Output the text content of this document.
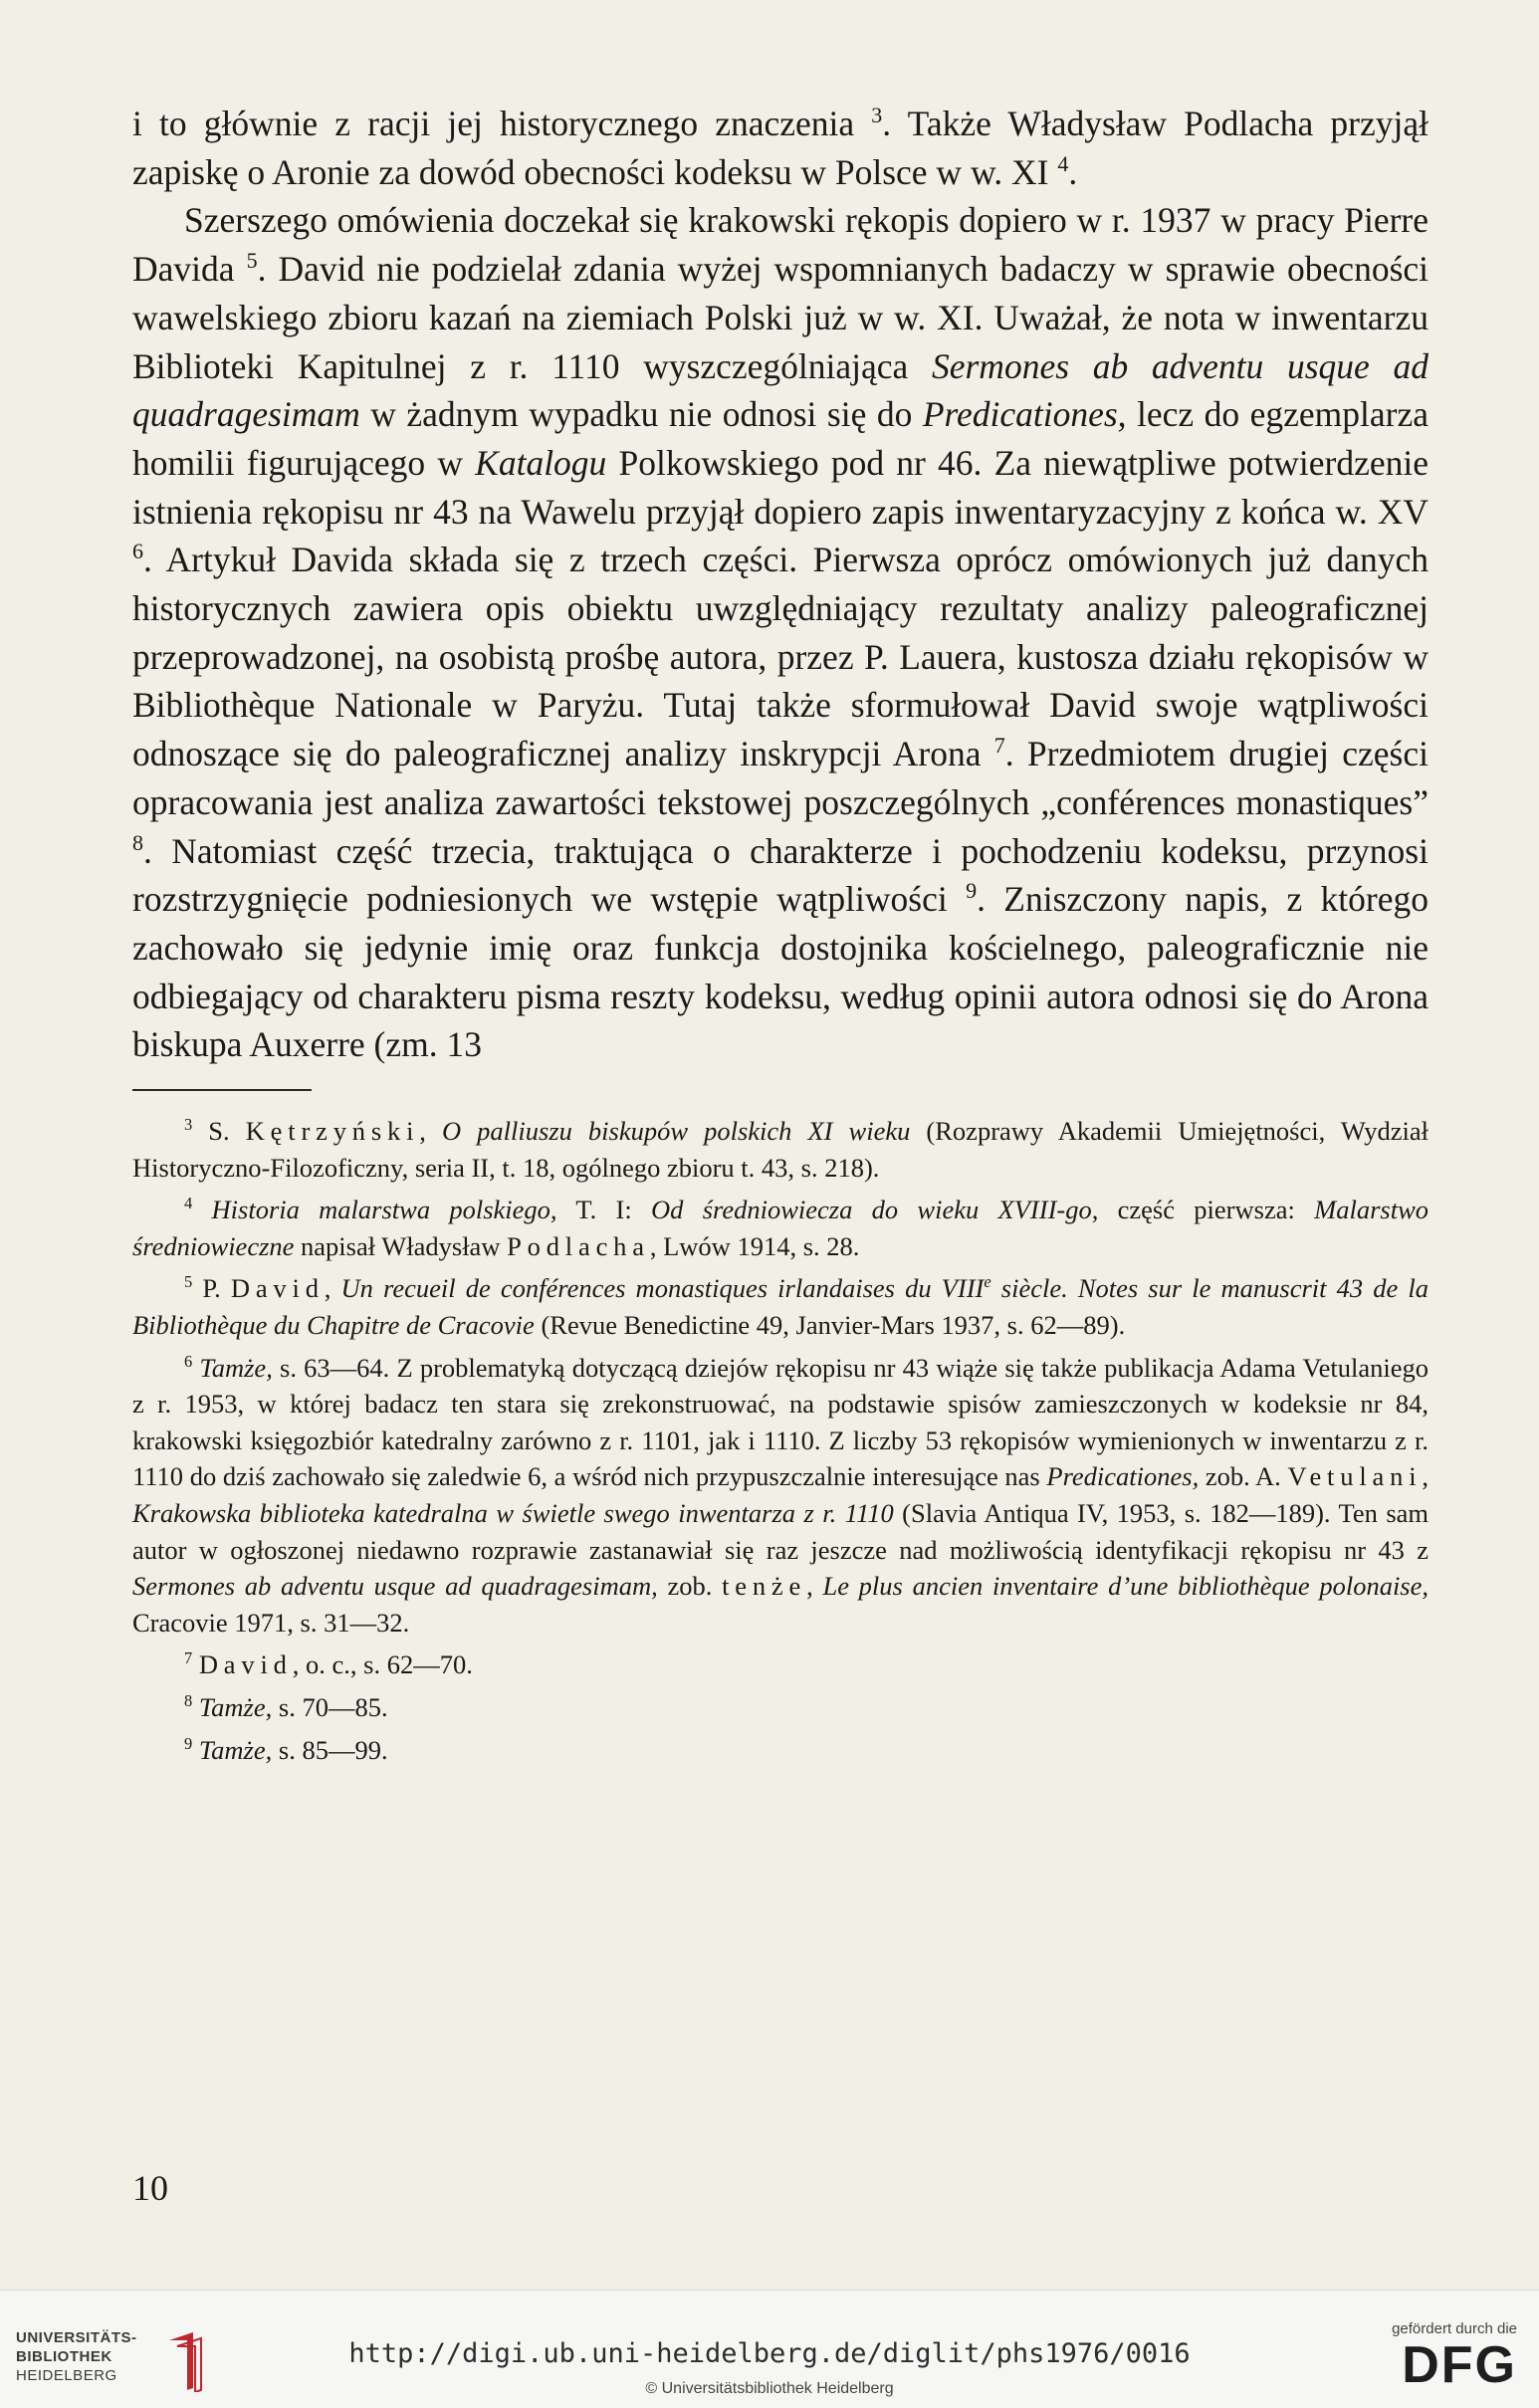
i to głównie z racji jej historycznego znaczenia $^3$. Także Władysław Podlacha przyjął zapiskę o Aronie za dowód obecności kodeksu w Polsce w w. XI $^4$.

Szerszego omówienia doczekał się krakowski rękopis dopiero w r. 1937 w pracy Pierre Davida $^5$. David nie podzielał zdania wyżej wspomnianych badaczy w sprawie obecności wawelskiego zbioru kazań na ziemiach Polski już w w. XI. Uważał, że nota w inwentarzu Biblioteki Kapitulnej z r. 1110 wyszczególniająca Sermones ab adventu usque ad quadragesimam w żadnym wypadku nie odnosi się do Predicationes, lecz do egzemplarza homilii figurującego w Katalogu Polkowskiego pod nr 46. Za niewątpliwe potwierdzenie istnienia rękopisu nr 43 na Wawelu przyjął dopiero zapis inwentaryzacyjny z końca w. XV $^6$. Artykuł Davida składa się z trzech części. Pierwsza oprócz omówionych już danych historycznych zawiera opis obiektu uwzględniający rezultaty analizy paleograficznej przeprowadzonej, na osobistą prośbę autora, przez P. Lauera, kustosza działu rękopisów w Bibliothèque Nationale w Paryżu. Tutaj także sformułował David swoje wątpliwości odnoszące się do paleograficznej analizy inskrypcji Arona $^7$. Przedmiotem drugiej części opracowania jest analiza zawartości tekstowej poszczególnych „conférences monastiques” $^8$. Natomiast część trzecia, traktująca o charakterze i pochodzeniu kodeksu, przynosi rozstrzygnięcie podniesionych we wstępie wątpliwości $^9$. Zniszczony napis, z którego zachowało się jedynie imię oraz funkcja dostojnika kościelnego, paleograficznie nie odbiegający od charakteru pisma reszty kodeksu, według opinii autora odnosi się do Arona biskupa Auxerre (zm. 13

$^3$ S. Kętrzyński, O palliuszu biskupów polskich XI wieku (Rozprawy Akademii Umiejętności, Wydział Historyczno-Filozoficzny, seria II, t. 18, ogólnego zbioru t. 43, s. 218).

$^4$ Historia malarstwa polskiego, T. I: Od średniowiecza do wieku XVIII-go, część pierwsza: Malarstwo średniowieczne napisał Władysław Podlacha, Lwów 1914, s. 28.

$^5$ P. David, Un recueil de conférences monastiques irlandaises du VIIIe siècle. Notes sur le manuscrit 43 de la Bibliothèque du Chapitre de Cracovie (Revue Benedictine 49, Janvier-Mars 1937, s. 62—89).

$^6$ Tamże, s. 63—64. Z problematyką dotyczącą dziejów rękopisu nr 43 wiąże się także publikacja Adama Vetulaniego z r. 1953, w której badacz ten stara się zrekonstruować, na podstawie spisów zamieszczonych w kodeksie nr 84, krakowski księgozbiór katedralny zarówno z r. 1101, jak i 1110. Z liczby 53 rękopisów wymienionych w inwentarzu z r. 1110 do dziś zachowało się zaledwie 6, a wśród nich przypuszczalnie interesujące nas Predicationes, zob. A. Vetulani, Krakowska biblioteka katedralna w świetle swego inwentarza z r. 1110 (Slavia Antiqua IV, 1953, s. 182—189). Ten sam autor w ogłoszonej niedawno rozprawie zastanawiał się raz jeszcze nad możliwością identyfikacji rękopisu nr 43 z Sermones ab adventu usque ad quadragesimam, zob. tenże, Le plus ancien inventaire d’une bibliothèque polonaise, Cracovie 1971, s. 31—32.

$^7$ David, o. c., s. 62—70.

$^8$ Tamże, s. 70—85.

$^9$ Tamże, s. 85—99.

10
UNIVERSITÄTS-
BIBLIOTHEK
HEIDELBERG
http://digi.ub.uni-heidelberg.de/diglit/phs1976/0016
© Universitätsbibliothek Heidelberg
gefördert durch die
DFG
